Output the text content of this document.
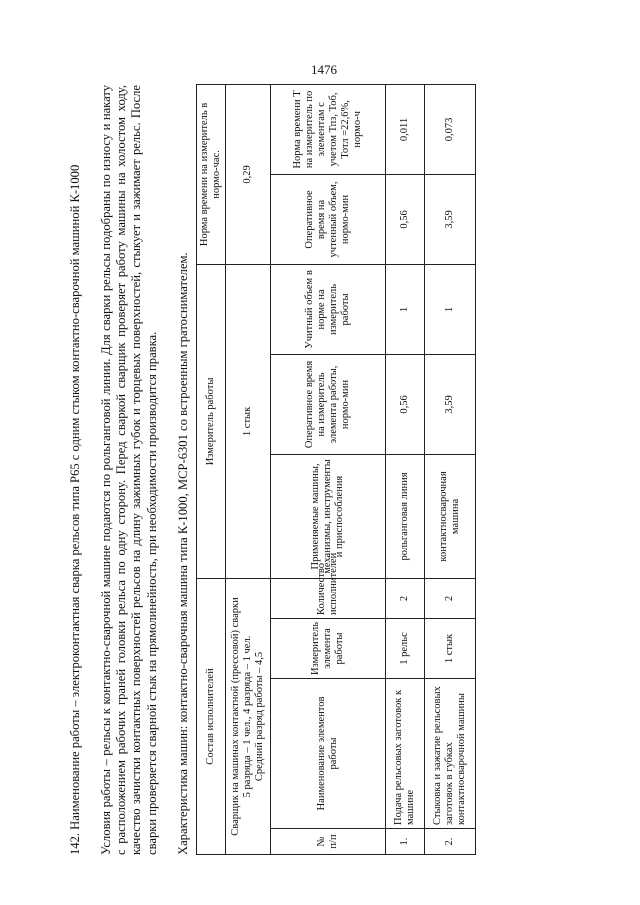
1476
142. Наименование работы – электроконтактная сварка рельсов типа Р65 с одним стыком контактно-сварочной машиной К-1000 Условия работы – рельсы к контактно-сварочной машине подаются по рольганговой линии. Для сварки рельсы подобраны по износу и накату с расположением рабочих граней головки рельса по одну сторону. Перед сваркой сварщик проверяет работу машины на холостом ходу, качество зачистки контактных поверхностей рельсов на длину зажимных губок и торцевых поверхностей, стыкует и зажимает рельс. После сварки проверяется сварной стык на прямолинейность, при необходимости производится правка. Характеристика машин: контактно-сварочная машина типа К-1000, МСР-6301 со встроенным гратоснимателем. Состав исполнителей				Измеритель работы			Норма времени на измеритель в нормо-час.	

Сварщик на машинах контактной (прессовой) сварки 5 разряда – 1 чел., 4 разряда – 1 чел. Средний разряд работы – 4,5				1 стык			0,29	
№ п/п	Наименование элементов работы	Измеритель элемента работы	Количество исполнителей	Применяемые машины, механизмы, инструменты и приспособления	Оперативное время на измеритель элемента работы, нормо-мин	Учитный объем в норме на измеритель работы	Оперативное время на учтенный объем, нормо-мин	Норма времени Т на измеритель по элементам с учетом Тпз, Тоб, Тотл =22,6%, нормо-ч
1.	Подача рельсовых заготовок к машине	1 рельс	2	рольганговая линия	0,56	1	0,56	0,011
2.	Стыковка и зажатие рельсовых заготовок в губках контактносварочной машины	1 стык	2	контактносварочная машина	3,59	1	3,59	0,073
